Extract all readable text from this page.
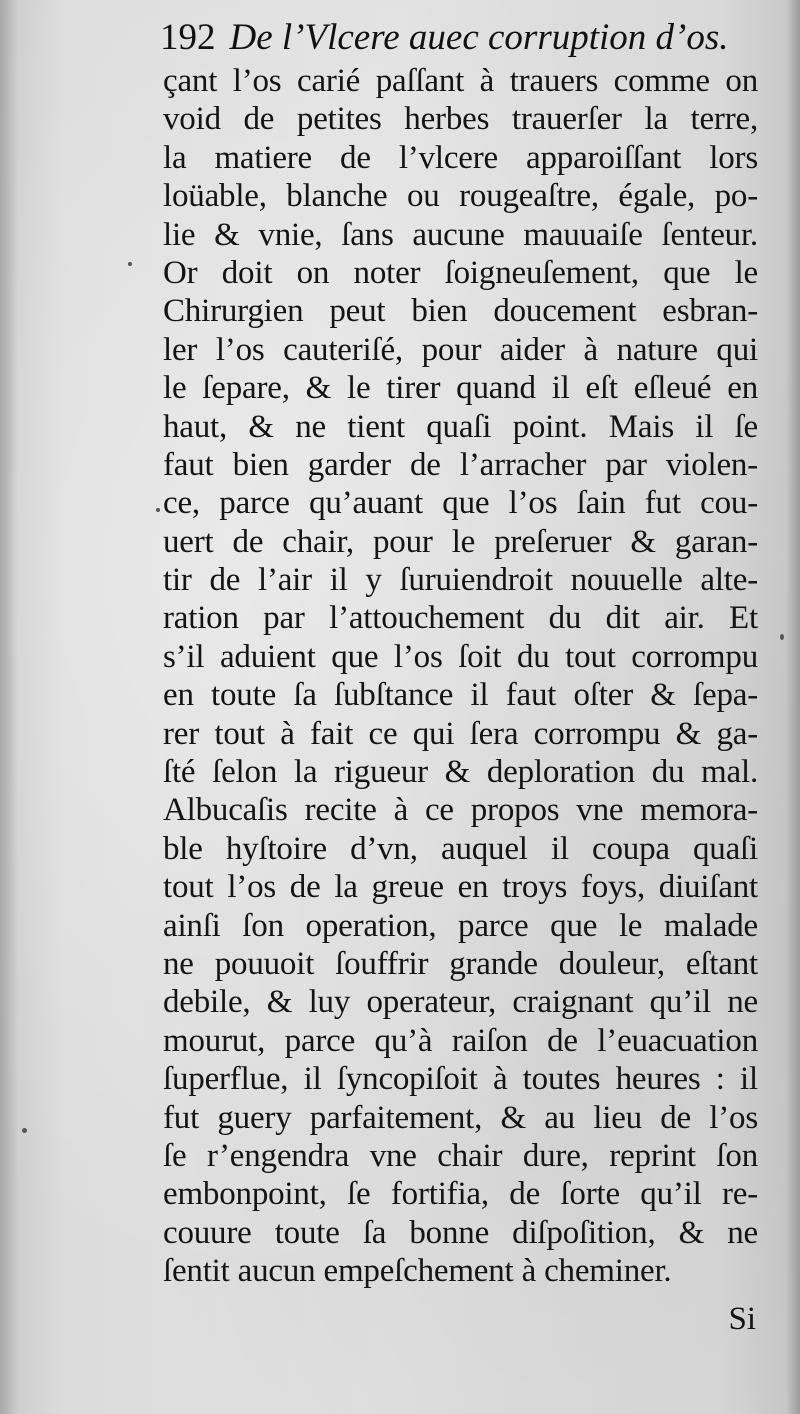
192 De l’Vlcere auec corruption d’os.
çant l’os carié paſſant à trauers comme on
void de petites herbes trauerſer la terre,
la matiere de l’vlcere apparoiſſant lors
loüable, blanche ou rougeaſtre, égale, po-
lie & vnie, ſans aucune mauuaiſe ſenteur.
Or doit on noter ſoigneuſement, que le
Chirurgien peut bien doucement esbran-
ler l’os cauteriſé, pour aider à nature qui
le ſepare, & le tirer quand il eſt eſleué en
haut, & ne tient quaſi point. Mais il ſe
faut bien garder de l’arracher par violen-
ce, parce qu’auant que l’os ſain fut cou-
uert de chair, pour le preſeruer & garan-
tir de l’air il y ſuruiendroit nouuelle alte-
ration par l’attouchement du dit air. Et
s’il aduient que l’os ſoit du tout corrompu
en toute ſa ſubſtance il faut oſter & ſepa-
rer tout à fait ce qui ſera corrompu & ga-
ſté ſelon la rigueur & deploration du mal.
Albucaſis recite à ce propos vne memora-
ble hyſtoire d’vn, auquel il coupa quaſi
tout l’os de la greue en troys foys, diuiſant
ainſi ſon operation, parce que le malade
ne pouuoit ſouffrir grande douleur, eſtant
debile, & luy operateur, craignant qu’il ne
mourut, parce qu’à raiſon de l’euacuation
ſuperflue, il ſyncopiſoit à toutes heures : il
fut guery parfaitement, & au lieu de l’os
ſe r’engendra vne chair dure, reprint ſon
embonpoint, ſe fortifia, de ſorte qu’il re-
couure toute ſa bonne diſpoſition, & ne
ſentit aucun empeſchement à cheminer.
Si
